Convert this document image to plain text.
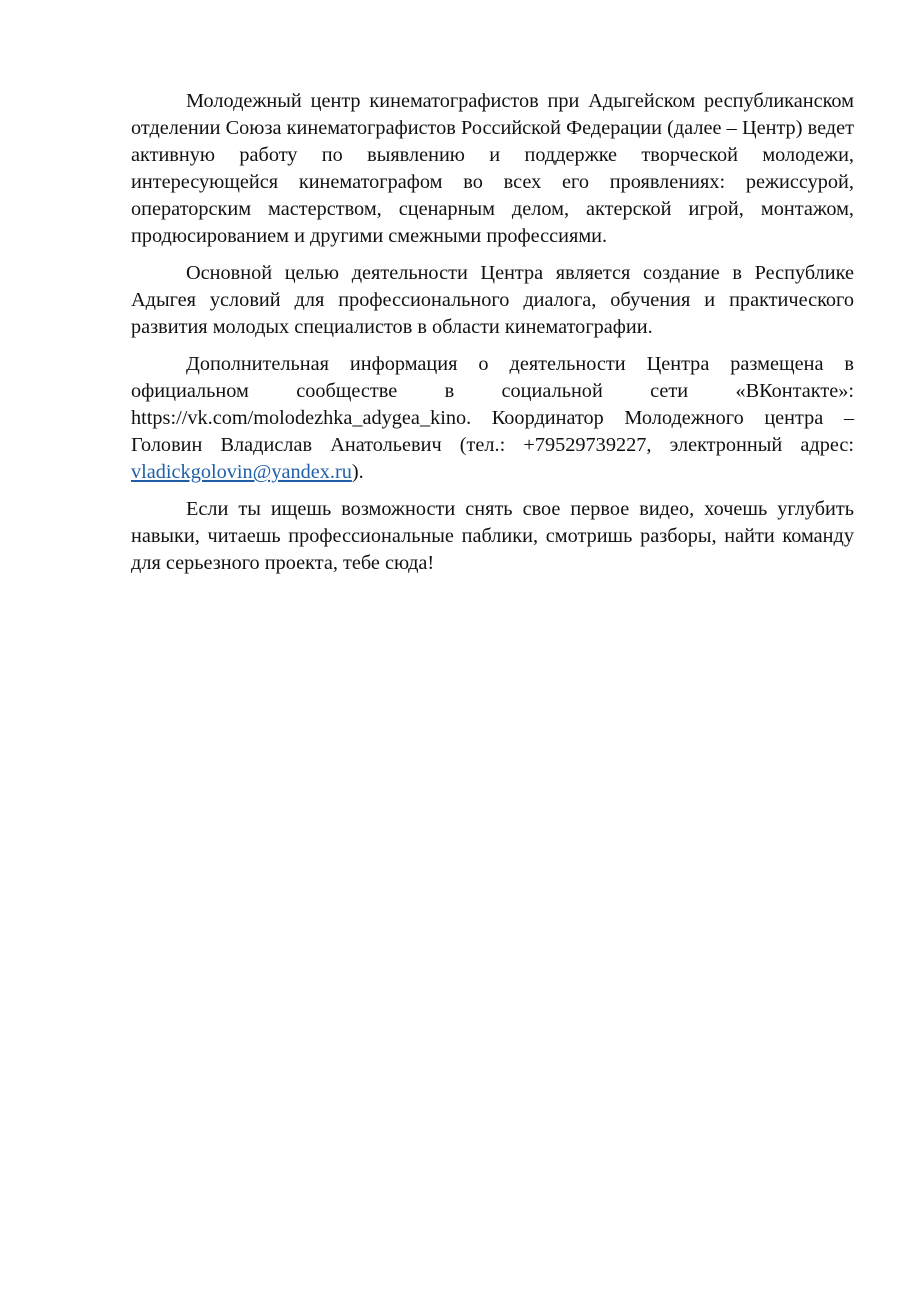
Молодежный центр кинематографистов при Адыгейском республиканском отделении Союза кинематографистов Российской Федерации (далее – Центр) ведет активную работу по выявлению и поддержке творческой молодежи, интересующейся кинематографом во всех его проявлениях: режиссурой, операторским мастерством, сценарным делом, актерской игрой, монтажом, продюсированием и другими смежными профессиями.

Основной целью деятельности Центра является создание в Республике Адыгея условий для профессионального диалога, обучения и практического развития молодых специалистов в области кинематографии.

Дополнительная информация о деятельности Центра размещена в официальном сообществе в социальной сети «ВКонтакте»: https://vk.com/molodezhka_adygea_kino. Координатор Молодежного центра – Головин Владислав Анатольевич (тел.: +79529739227, электронный адрес: vladickgolovin@yandex.ru).

Если ты ищешь возможности снять свое первое видео, хочешь углубить навыки, читаешь профессиональные паблики, смотришь разборы, найти команду для серьезного проекта, тебе сюда!
